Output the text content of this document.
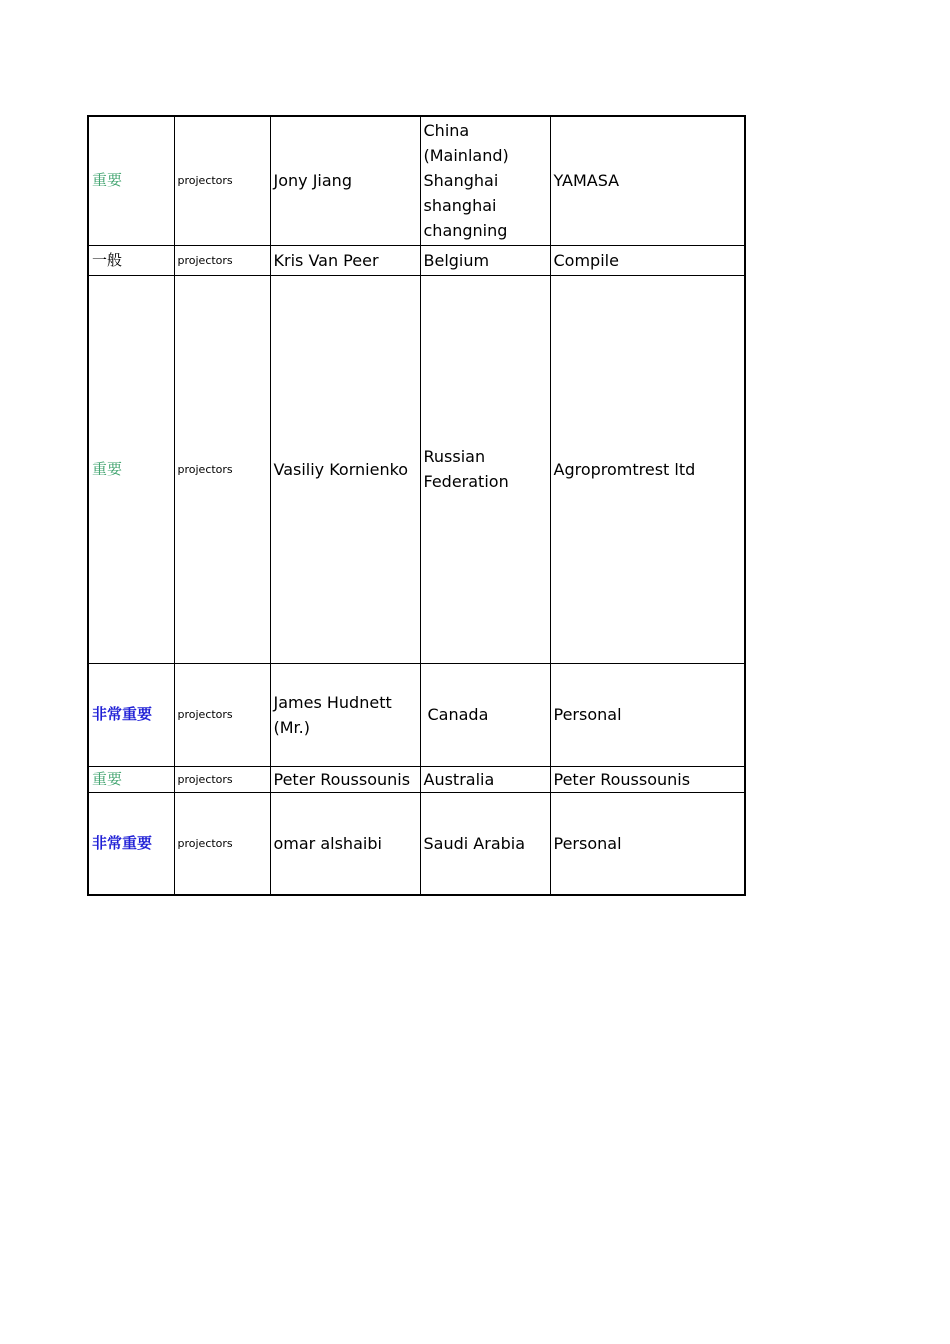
重要	projectors	Jony Jiang	China (Mainland) Shanghai shanghai changning	YAMASA
一般	projectors	Kris Van Peer	Belgium	Compile
重要	projectors	Vasiliy Kornienko	Russian Federation	Agropromtrest ltd
非常重要	projectors	James Hudnett (Mr.)	Canada	Personal
重要	projectors	Peter Roussounis	Australia	Peter Roussounis
非常重要	projectors	omar alshaibi	Saudi Arabia	Personal
